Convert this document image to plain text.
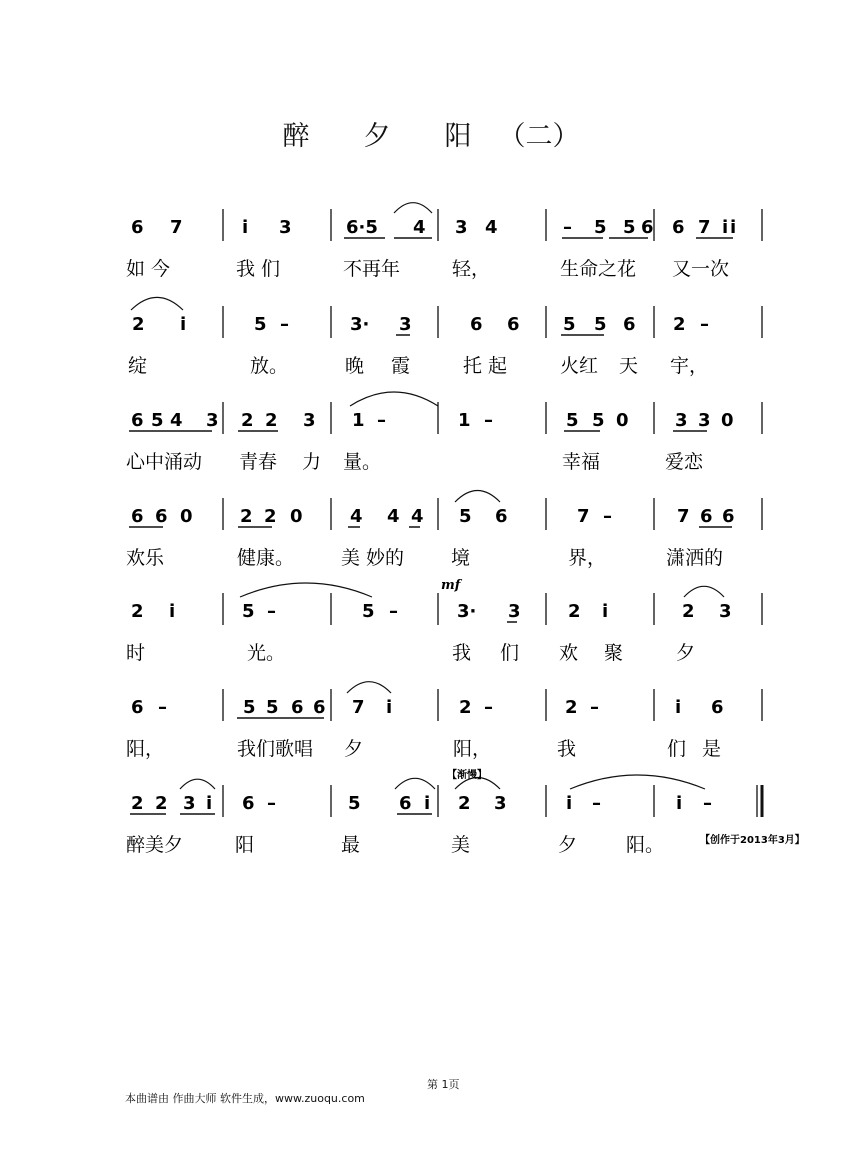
醉 夕 阳 （二）
6 7	i̇ 3	6·5 4 3 4	– 5 5 6 6 7 i̇ i̇
2 i̇	5 –	3· 3	6 6 5 5 6 2 –
6 5 4 3 2 2 3 1 –	1 –	5 5 0	3 3 0
6 6 0	2 2 0	4 4 4 5 6	7 –	7 6 6
2 i̇	5 –	5 –	3· 3	2 i̇	2 3
6 –	5 5 6 6 7 i̇	2 –	2 –	i̇ 6
2 2 3 i̇ 6 –	5 6 i̇ 2 3	i̇ –	i̇ –
如 今	我 们	不再年	轻，	生命之花 又一次
绽	放。	晚 霞	托 起	火红 天 宇，
心中涌动 青春 力 量。	幸福	爱恋
欢乐	健康。 美 妙的 境	界，	潇洒的
时	光。	我 们 欢 聚	夕
阳，	我们歌唱 夕	阳，	我	们 是
醉美夕	阳	最	美	夕	阳。
【渐慢】
mf
【创作于2013年3月】
第 1页
本曲谱由 作曲大师 软件生成，www.zuoqu.com
